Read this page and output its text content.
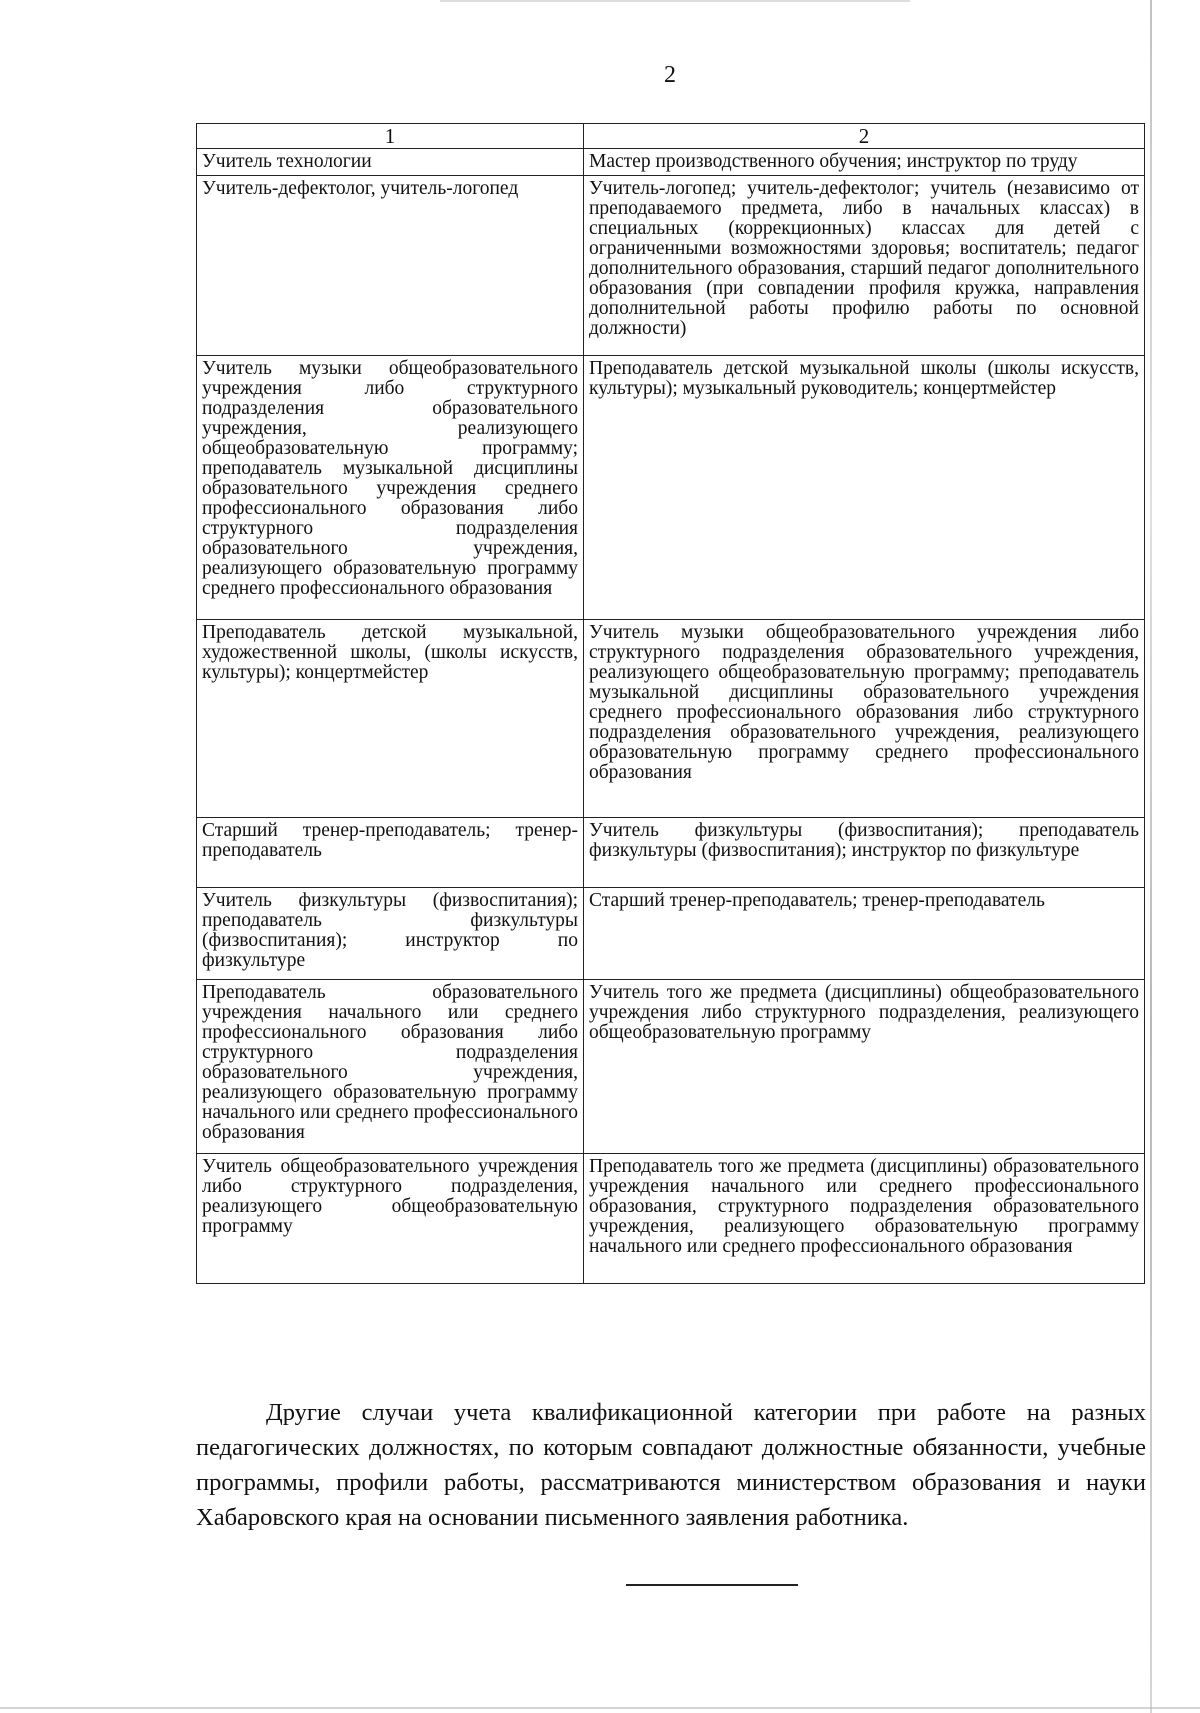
2
1	2
Учитель технологии	Мастер производственного обучения; инструктор по труду
Учитель-дефектолог, учитель-логопед	Учитель-логопед; учитель-дефектолог; учитель (независимо от преподаваемого предмета, либо в начальных классах) в специальных (коррекционных) классах для детей с ограниченными возможностями здоровья; воспитатель; педагог дополнительного образования, старший педагог дополнительного образования (при совпадении профиля кружка, направления дополнительной работы профилю работы по основной должности)
Учитель музыки общеобразовательного учреждения либо структурного подразделения образовательного учреждения, реализующего общеобразовательную программу; преподаватель музыкальной дисциплины образовательного учреждения среднего профессионального образования либо структурного подразделения образовательного учреждения, реализующего образовательную программу среднего профессионального образования	Преподаватель детской музыкальной школы (школы искусств, культуры); музыкальный руководитель; концертмейстер
Преподаватель детской музыкальной, художественной школы, (школы искусств, культуры); концертмейстер	Учитель музыки общеобразовательного учреждения либо структурного подразделения образовательного учреждения, реализующего общеобразовательную программу; преподаватель музыкальной дисциплины образовательного учреждения среднего профессионального образования либо структурного подразделения образовательного учреждения, реализующего образовательную программу среднего профессионального образования
Старший тренер-преподаватель; тренер-преподаватель	Учитель физкультуры (физвоспитания); преподаватель физкультуры (физвоспитания); инструктор по физкультуре
Учитель физкультуры (физвоспитания); преподаватель физкультуры (физвоспитания); инструктор по физкультуре	Старший тренер-преподаватель; тренер-преподаватель
Преподаватель образовательного учреждения начального или среднего профессионального образования либо структурного подразделения образовательного учреждения, реализующего образовательную программу начального или среднего профессионального образования	Учитель того же предмета (дисциплины) общеобразовательного учреждения либо структурного подразделения, реализующего общеобразовательную программу
Учитель общеобразовательного учреждения либо структурного подразделения, реализующего общеобразовательную программу	Преподаватель того же предмета (дисциплины) образовательного учреждения начального или среднего профессионального образования, структурного подразделения образовательного учреждения, реализующего образовательную программу начального или среднего профессионального образования

Другие случаи учета квалификационной категории при работе на разных педагогических должностях, по которым совпадают должностные обязанности, учебные программы, профили работы, рассматриваются министерством образования и науки Хабаровского края на основании письменного заявления работника.
